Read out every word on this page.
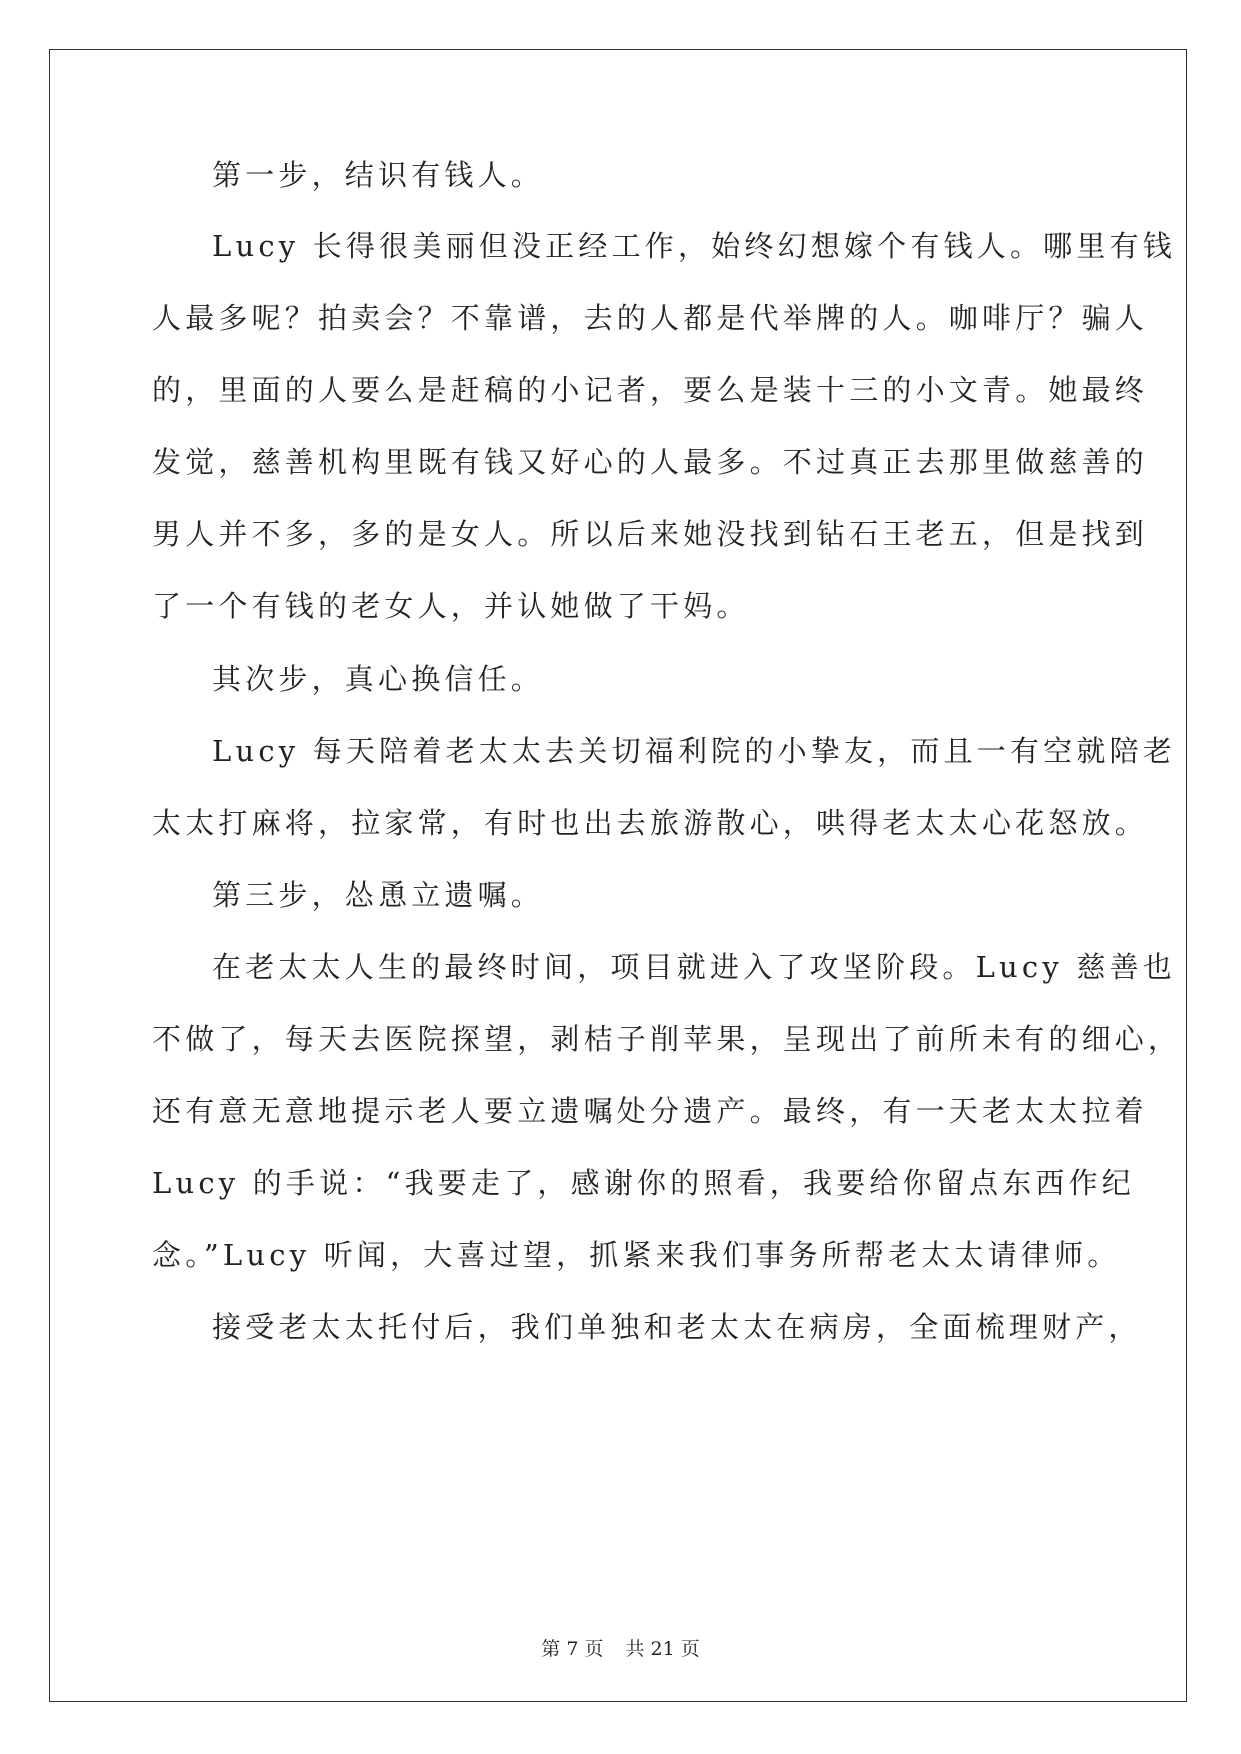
第一步，结识有钱人。
Lucy 长得很美丽但没正经工作，始终幻想嫁个有钱人。哪里有钱
人最多呢？拍卖会？不靠谱，去的人都是代举牌的人。咖啡厅？骗人
的，里面的人要么是赶稿的小记者，要么是装十三的小文青。她最终
发觉，慈善机构里既有钱又好心的人最多。不过真正去那里做慈善的
男人并不多，多的是女人。所以后来她没找到钻石王老五，但是找到
了一个有钱的老女人，并认她做了干妈。
其次步，真心换信任。
Lucy 每天陪着老太太去关切福利院的小挚友，而且一有空就陪老
太太打麻将，拉家常，有时也出去旅游散心，哄得老太太心花怒放。
第三步，怂恿立遗嘱。
在老太太人生的最终时间，项目就进入了攻坚阶段。Lucy 慈善也
不做了，每天去医院探望，剥桔子削苹果，呈现出了前所未有的细心，
还有意无意地提示老人要立遗嘱处分遗产。最终，有一天老太太拉着
Lucy 的手说：“我要走了，感谢你的照看，我要给你留点东西作纪
念。”Lucy 听闻，大喜过望，抓紧来我们事务所帮老太太请律师。
接受老太太托付后，我们单独和老太太在病房，全面梳理财产，
第 7 页 共 21 页
